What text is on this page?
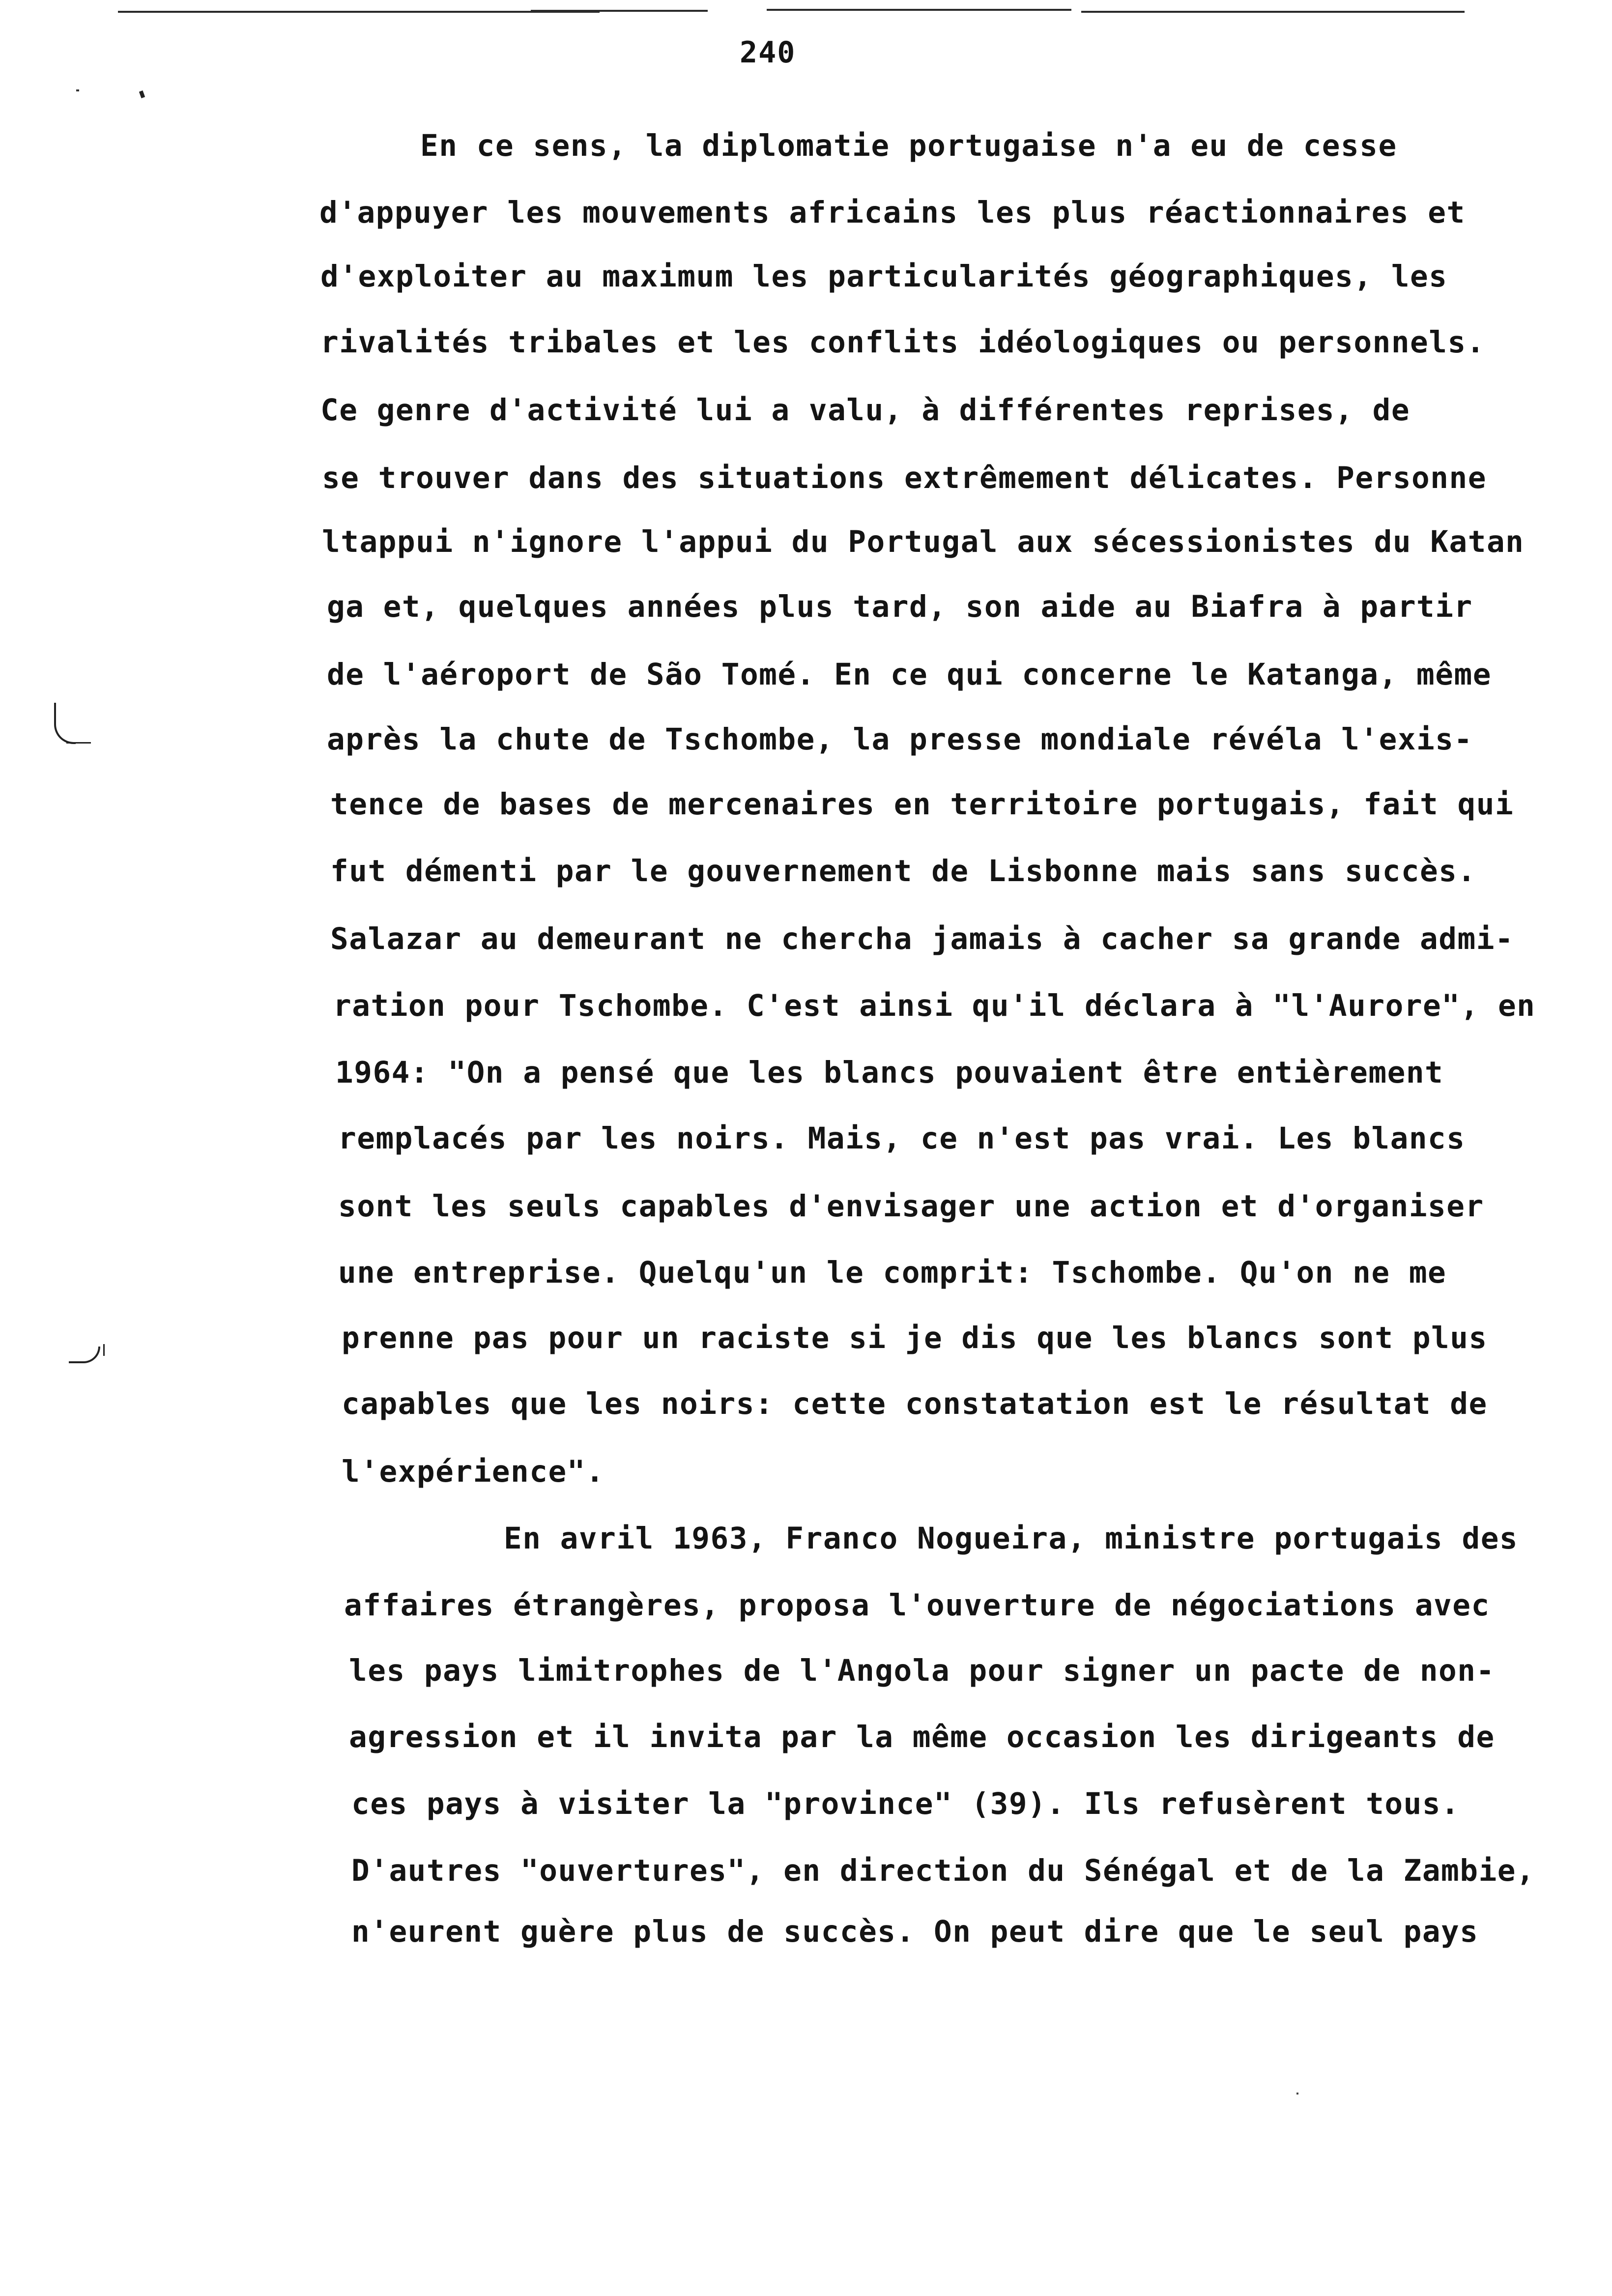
240
En ce sens, la diplomatie portugaise n'a eu de cesse
d'appuyer les mouvements africains les plus réactionnaires et
d'exploiter au maximum les particularités géographiques, les
rivalités tribales et les conflits idéologiques ou personnels.
Ce genre d'activité lui a valu, à différentes reprises, de
se trouver dans des situations extrêmement délicates. Personne
ltappui n'ignore l'appui du Portugal aux sécessionistes du Katan
ga et, quelques années plus tard, son aide au Biafra à partir
de l'aéroport de São Tomé. En ce qui concerne le Katanga, même
après la chute de Tschombe, la presse mondiale révéla l'exis-
tence de bases de mercenaires en territoire portugais, fait qui
fut démenti par le gouvernement de Lisbonne mais sans succès.
Salazar au demeurant ne chercha jamais à cacher sa grande admi-
ration pour Tschombe. C'est ainsi qu'il déclara à "l'Aurore", en
1964: "On a pensé que les blancs pouvaient être entièrement
remplacés par les noirs. Mais, ce n'est pas vrai. Les blancs
sont les seuls capables d'envisager une action et d'organiser
une entreprise. Quelqu'un le comprit: Tschombe. Qu'on ne me
prenne pas pour un raciste si je dis que les blancs sont plus
capables que les noirs: cette constatation est le résultat de
l'expérience".
En avril 1963, Franco Nogueira, ministre portugais des
affaires étrangères, proposa l'ouverture de négociations avec
les pays limitrophes de l'Angola pour signer un pacte de non-
agression et il invita par la même occasion les dirigeants de
ces pays à visiter la "province" (39). Ils refusèrent tous.
D'autres "ouvertures", en direction du Sénégal et de la Zambie,
n'eurent guère plus de succès. On peut dire que le seul pays
